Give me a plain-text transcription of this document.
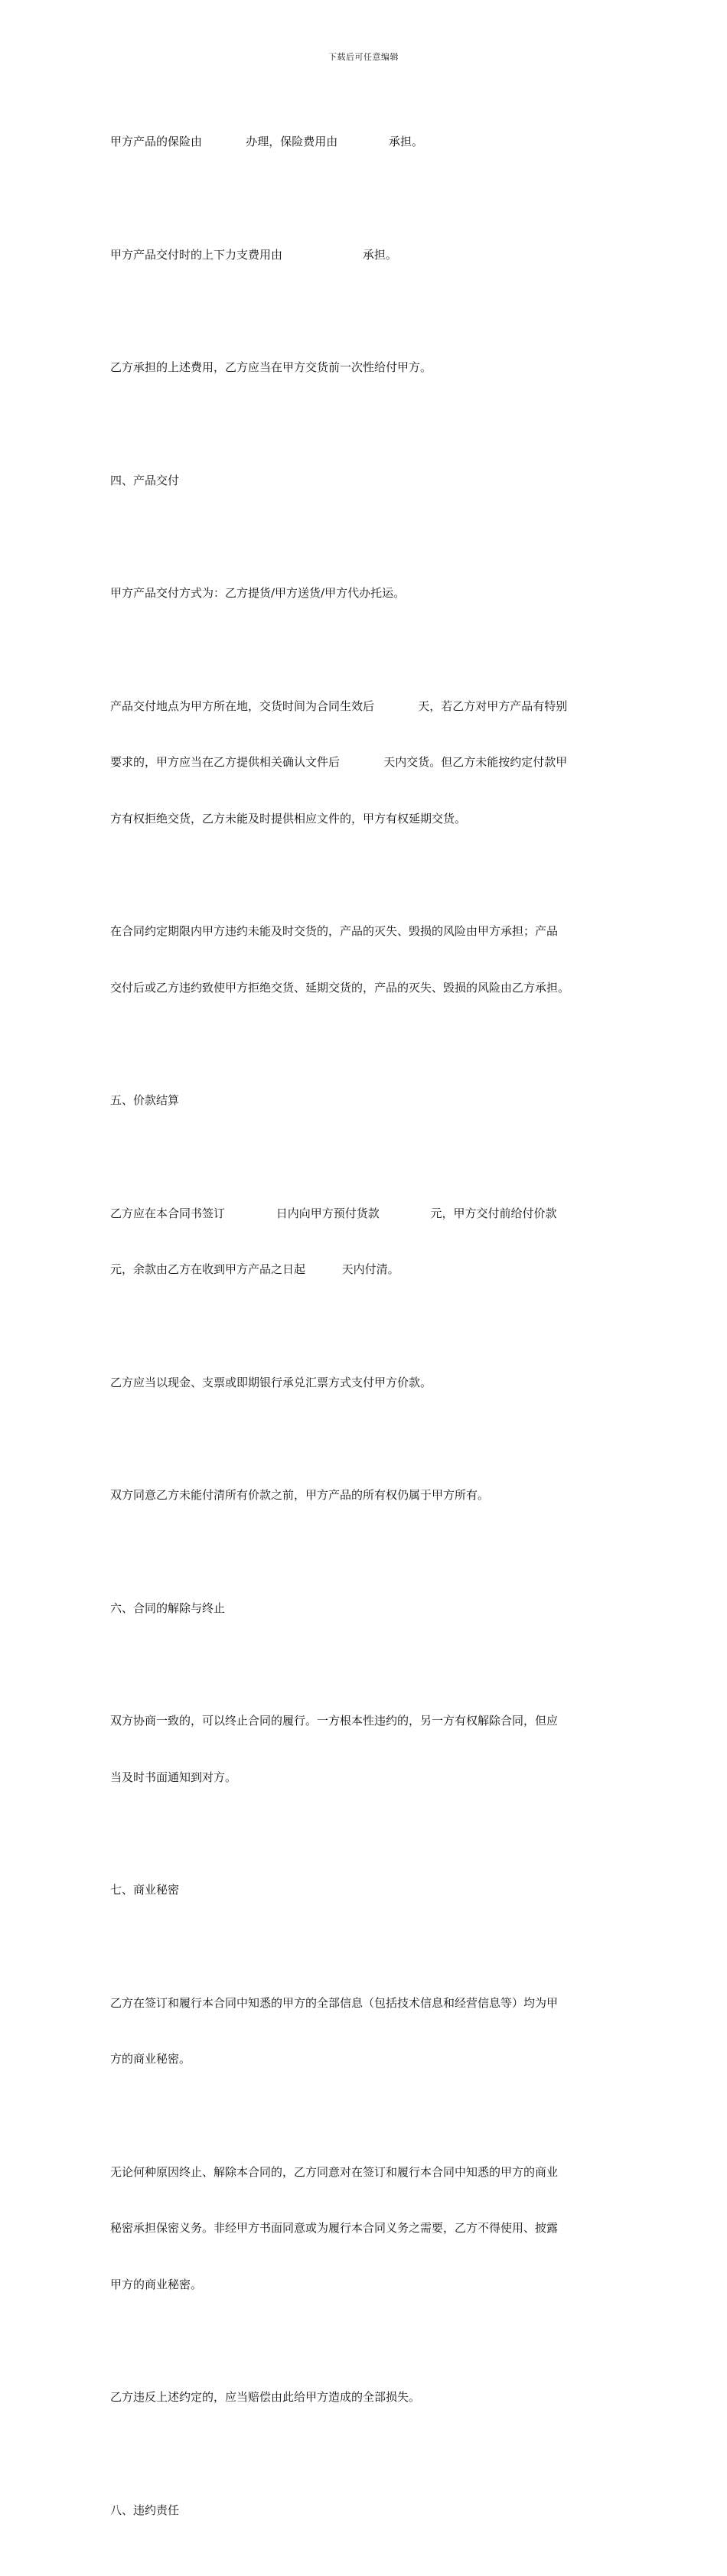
下载后可任意编辑

甲方产品的保险由            办理，保险费用由              承担。

甲方产品交付时的上下力支费用由                      承担。

乙方承担的上述费用，乙方应当在甲方交货前一次性给付甲方。

四、产品交付

甲方产品交付方式为：乙方提货/甲方送货/甲方代办托运。

产品交付地点为甲方所在地，交货时间为合同生效后            天，若乙方对甲方产品有特别

要求的，甲方应当在乙方提供相关确认文件后            天内交货。但乙方未能按约定付款甲

方有权拒绝交货，乙方未能及时提供相应文件的，甲方有权延期交货。

在合同约定期限内甲方违约未能及时交货的，产品的灭失、毁损的风险由甲方承担；产品

交付后或乙方违约致使甲方拒绝交货、延期交货的，产品的灭失、毁损的风险由乙方承担。

五、价款结算

乙方应在本合同书签订              日内向甲方预付货款              元，甲方交付前给付价款

元，余款由乙方在收到甲方产品之日起          天内付清。

乙方应当以现金、支票或即期银行承兑汇票方式支付甲方价款。

双方同意乙方未能付清所有价款之前，甲方产品的所有权仍属于甲方所有。

六、合同的解除与终止

双方协商一致的，可以终止合同的履行。一方根本性违约的，另一方有权解除合同，但应

当及时书面通知到对方。

七、商业秘密

乙方在签订和履行本合同中知悉的甲方的全部信息（包括技术信息和经营信息等）均为甲

方的商业秘密。

无论何种原因终止、解除本合同的，乙方同意对在签订和履行本合同中知悉的甲方的商业

秘密承担保密义务。非经甲方书面同意或为履行本合同义务之需要，乙方不得使用、披露

甲方的商业秘密。

乙方违反上述约定的，应当赔偿由此给甲方造成的全部损失。

八、违约责任
